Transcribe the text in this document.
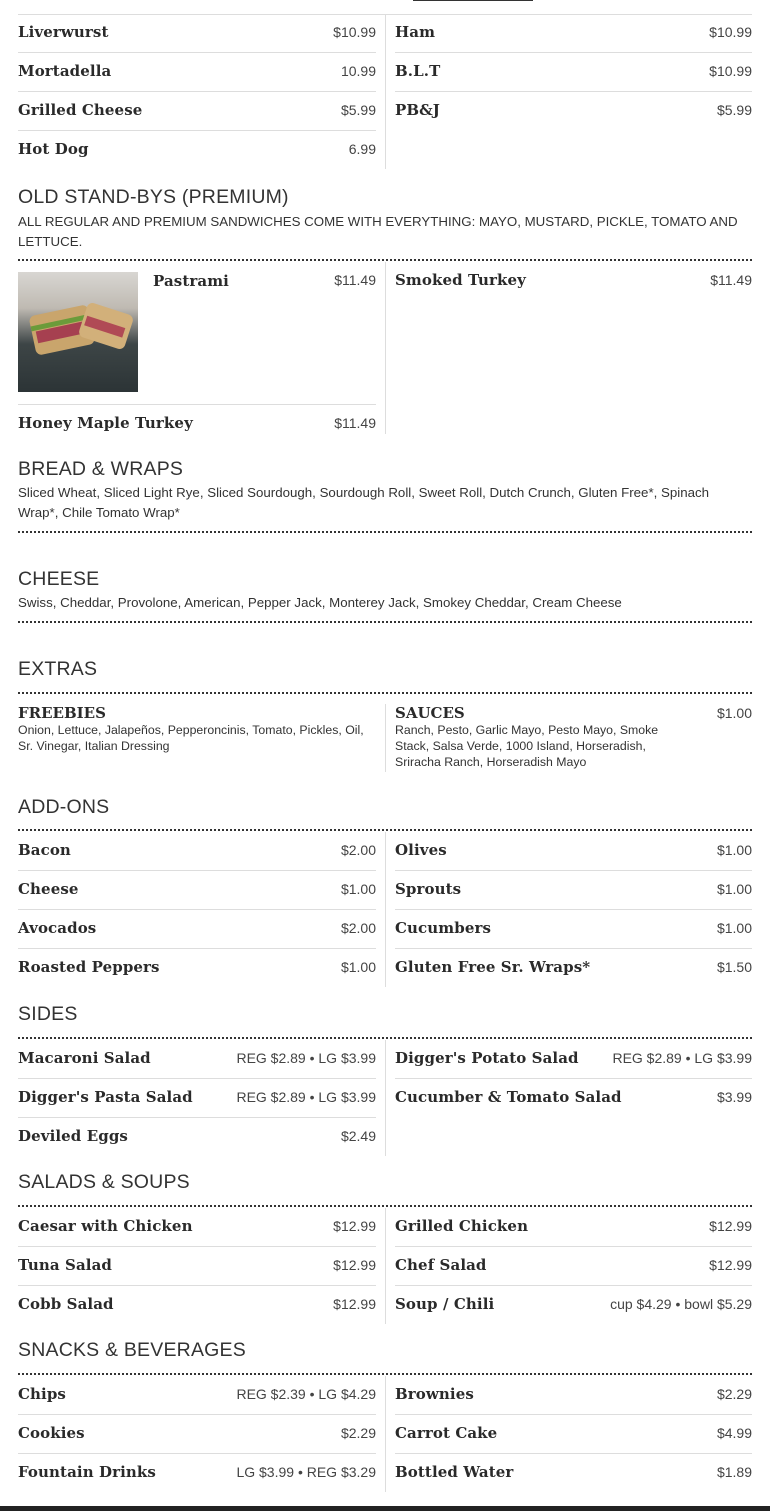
Liverwurst	$10.99
Mortadella	10.99
Grilled Cheese	$5.99
Hot Dog	6.99
Ham	$10.99
B.L.T	$10.99
PB&J	$5.99
OLD STAND-BYS (PREMIUM)
ALL REGULAR AND PREMIUM SANDWICHES COME WITH EVERYTHING: MAYO, MUSTARD, PICKLE, TOMATO AND LETTUCE.
Pastrami	$11.49
Honey Maple Turkey	$11.49
Smoked Turkey	$11.49
BREAD & WRAPS
Sliced Wheat, Sliced Light Rye, Sliced Sourdough, Sourdough Roll, Sweet Roll, Dutch Crunch, Gluten Free*, Spinach Wrap*, Chile Tomato Wrap*
CHEESE
Swiss, Cheddar, Provolone, American, Pepper Jack, Monterey Jack, Smokey Cheddar, Cream Cheese
EXTRAS
FREEBIES
Onion, Lettuce, Jalapeños, Pepperoncinis, Tomato, Pickles, Oil, Sr. Vinegar, Italian Dressing
SAUCES	$1.00
Ranch, Pesto, Garlic Mayo, Pesto Mayo, Smoke Stack, Salsa Verde, 1000 Island, Horseradish, Sriracha Ranch, Horseradish Mayo
ADD-ONS
Bacon	$2.00
Cheese	$1.00
Avocados	$2.00
Roasted Peppers	$1.00
Olives	$1.00
Sprouts	$1.00
Cucumbers	$1.00
Gluten Free Sr. Wraps*	$1.50
SIDES
Macaroni Salad	REG $2.89 • LG $3.99
Digger's Pasta Salad	REG $2.89 • LG $3.99
Deviled Eggs	$2.49
Digger's Potato Salad REG $2.89 • LG $3.99
Cucumber & Tomato Salad	$3.99
SALADS & SOUPS
Caesar with Chicken	$12.99
Tuna Salad	$12.99
Cobb Salad	$12.99
Grilled Chicken	$12.99
Chef Salad	$12.99
Soup / Chili	cup $4.29 • bowl $5.29
SNACKS & BEVERAGES
Chips	REG $2.39 • LG $4.29
Cookies	$2.29
Fountain Drinks	LG $3.99 • REG $3.29
Brownies	$2.29
Carrot Cake	$4.99
Bottled Water	$1.89
